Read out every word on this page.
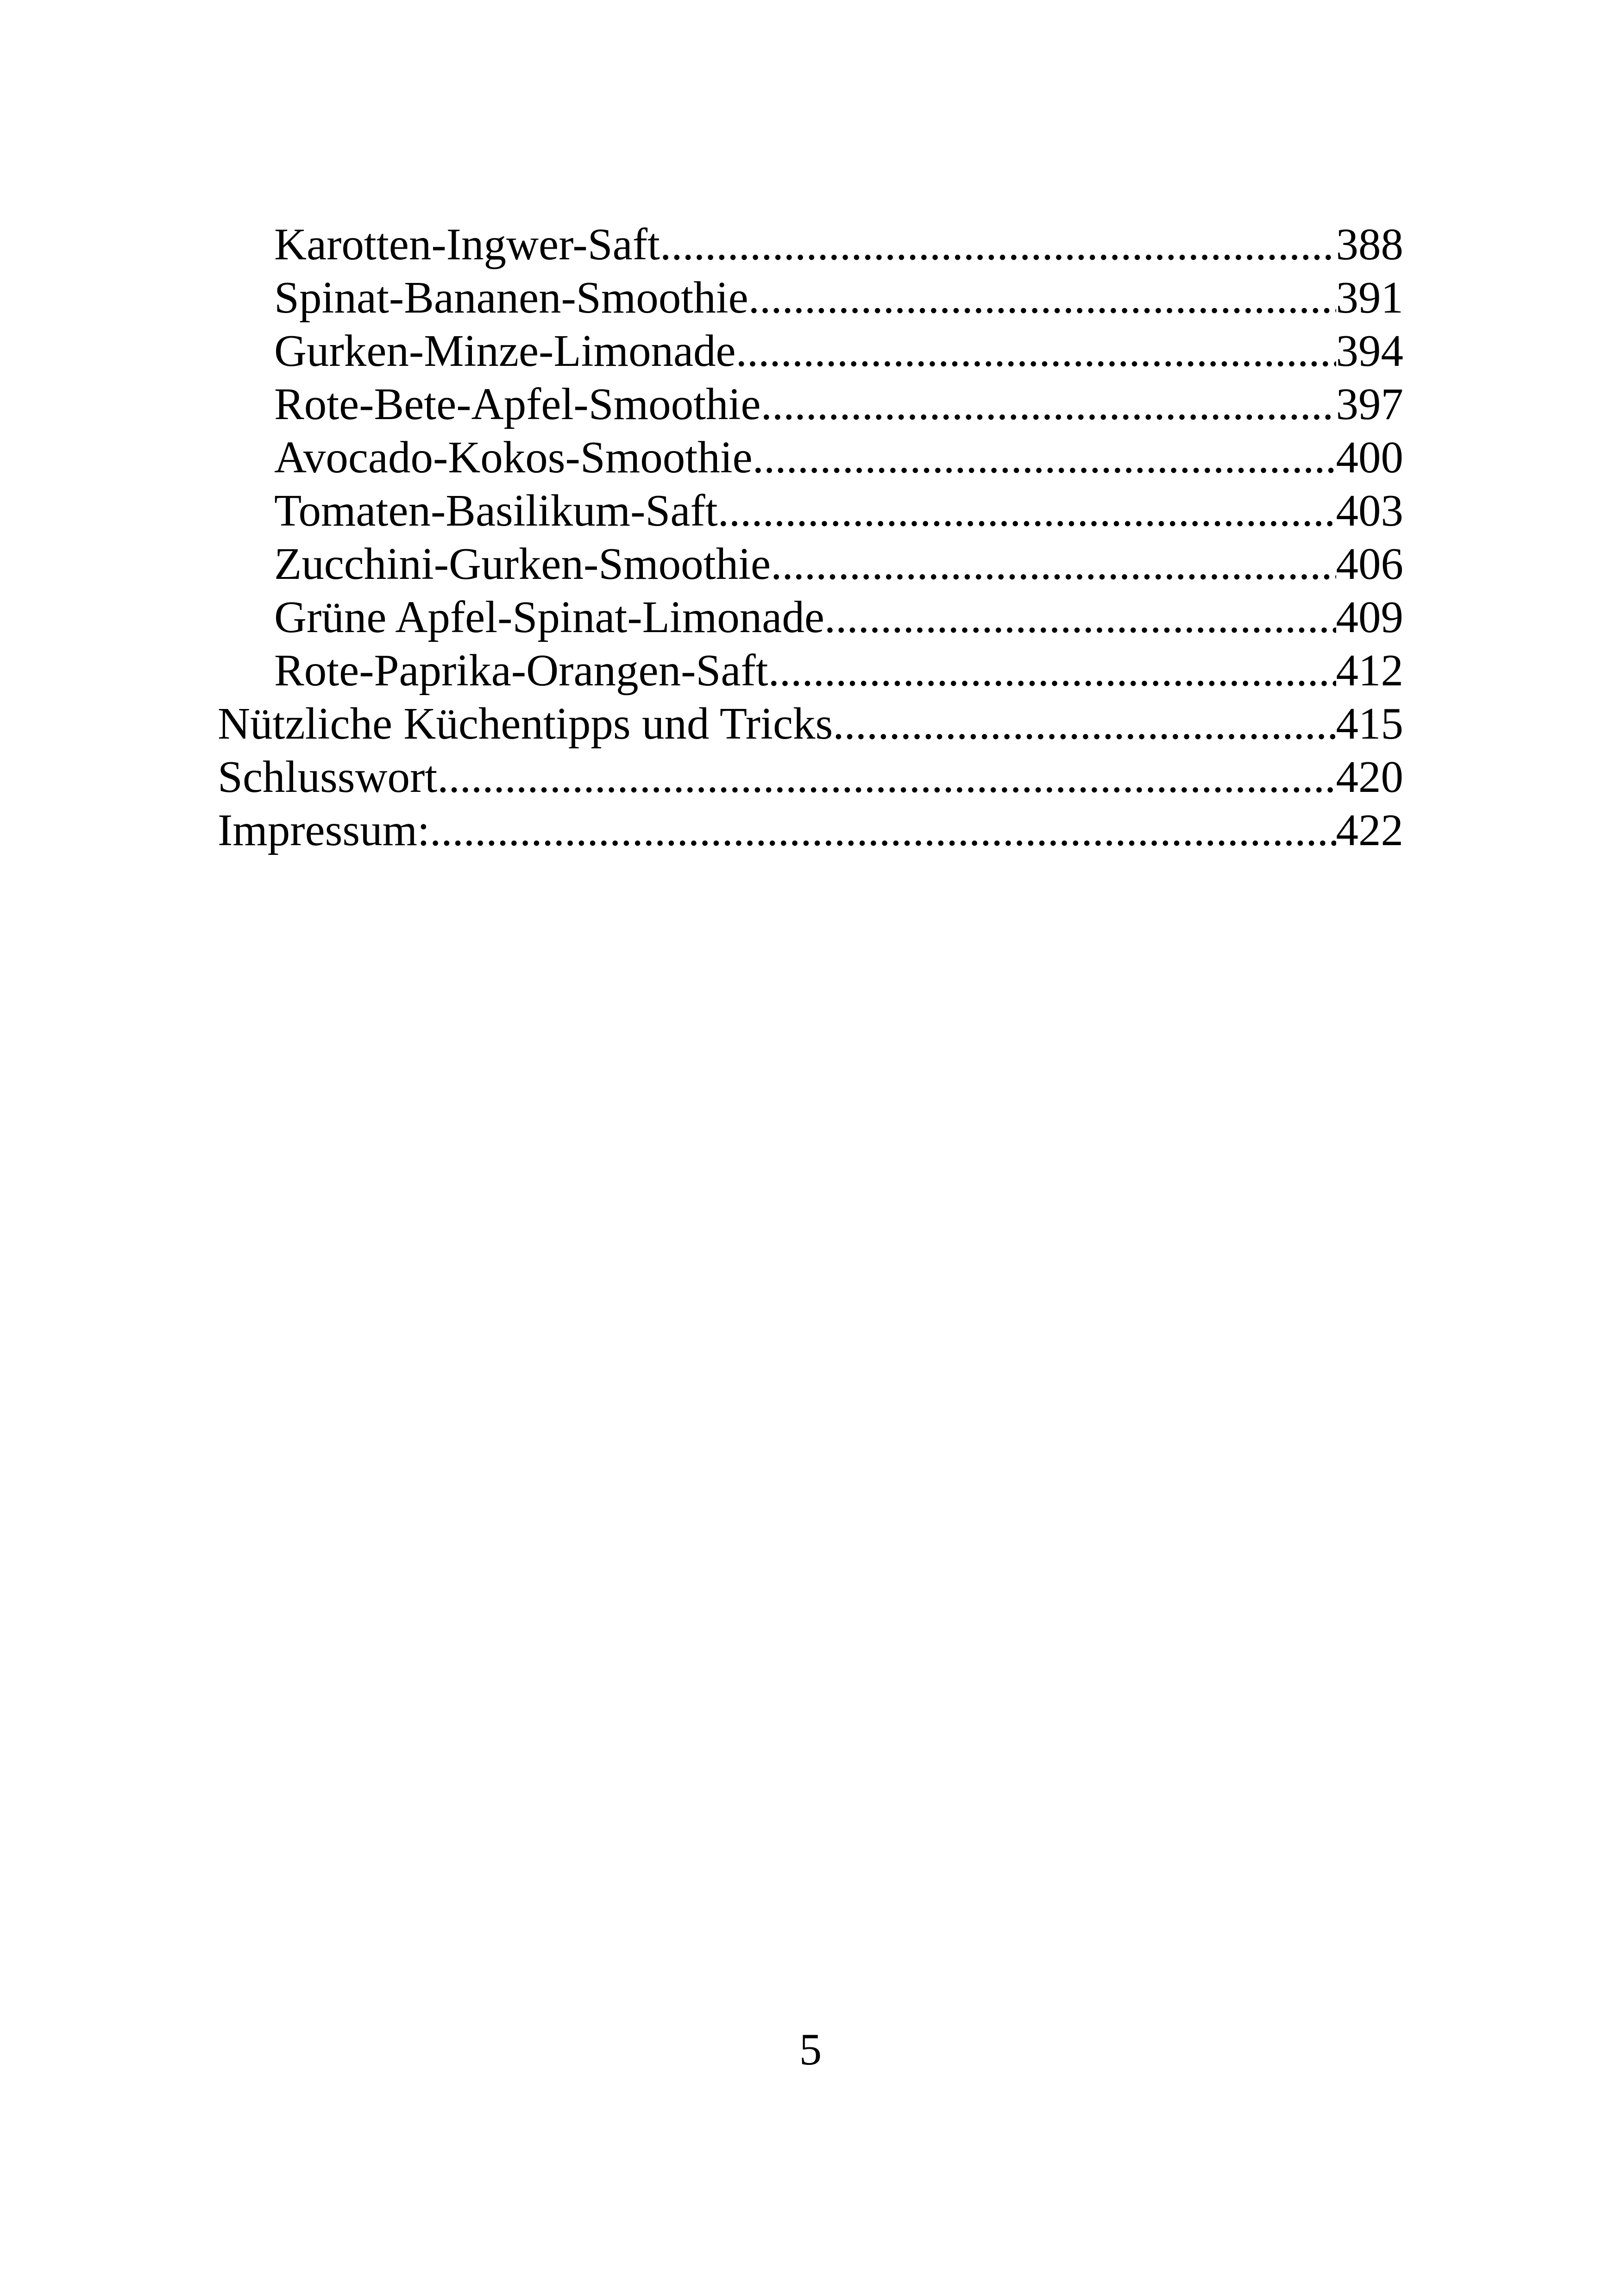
Karotten-Ingwer-Saft .....	388
Spinat-Bananen-Smoothie .....	391
Gurken-Minze-Limonade .....	394
Rote-Bete-Apfel-Smoothie .....	397
Avocado-Kokos-Smoothie .....	400
Tomaten-Basilikum-Saft .....	403
Zucchini-Gurken-Smoothie .....	406
Grüne Apfel-Spinat-Limonade .....	409
Rote-Paprika-Orangen-Saft .....	412
Nützliche Küchentipps und Tricks .....	415
Schlusswort .....	420
Impressum: .....	422
5
